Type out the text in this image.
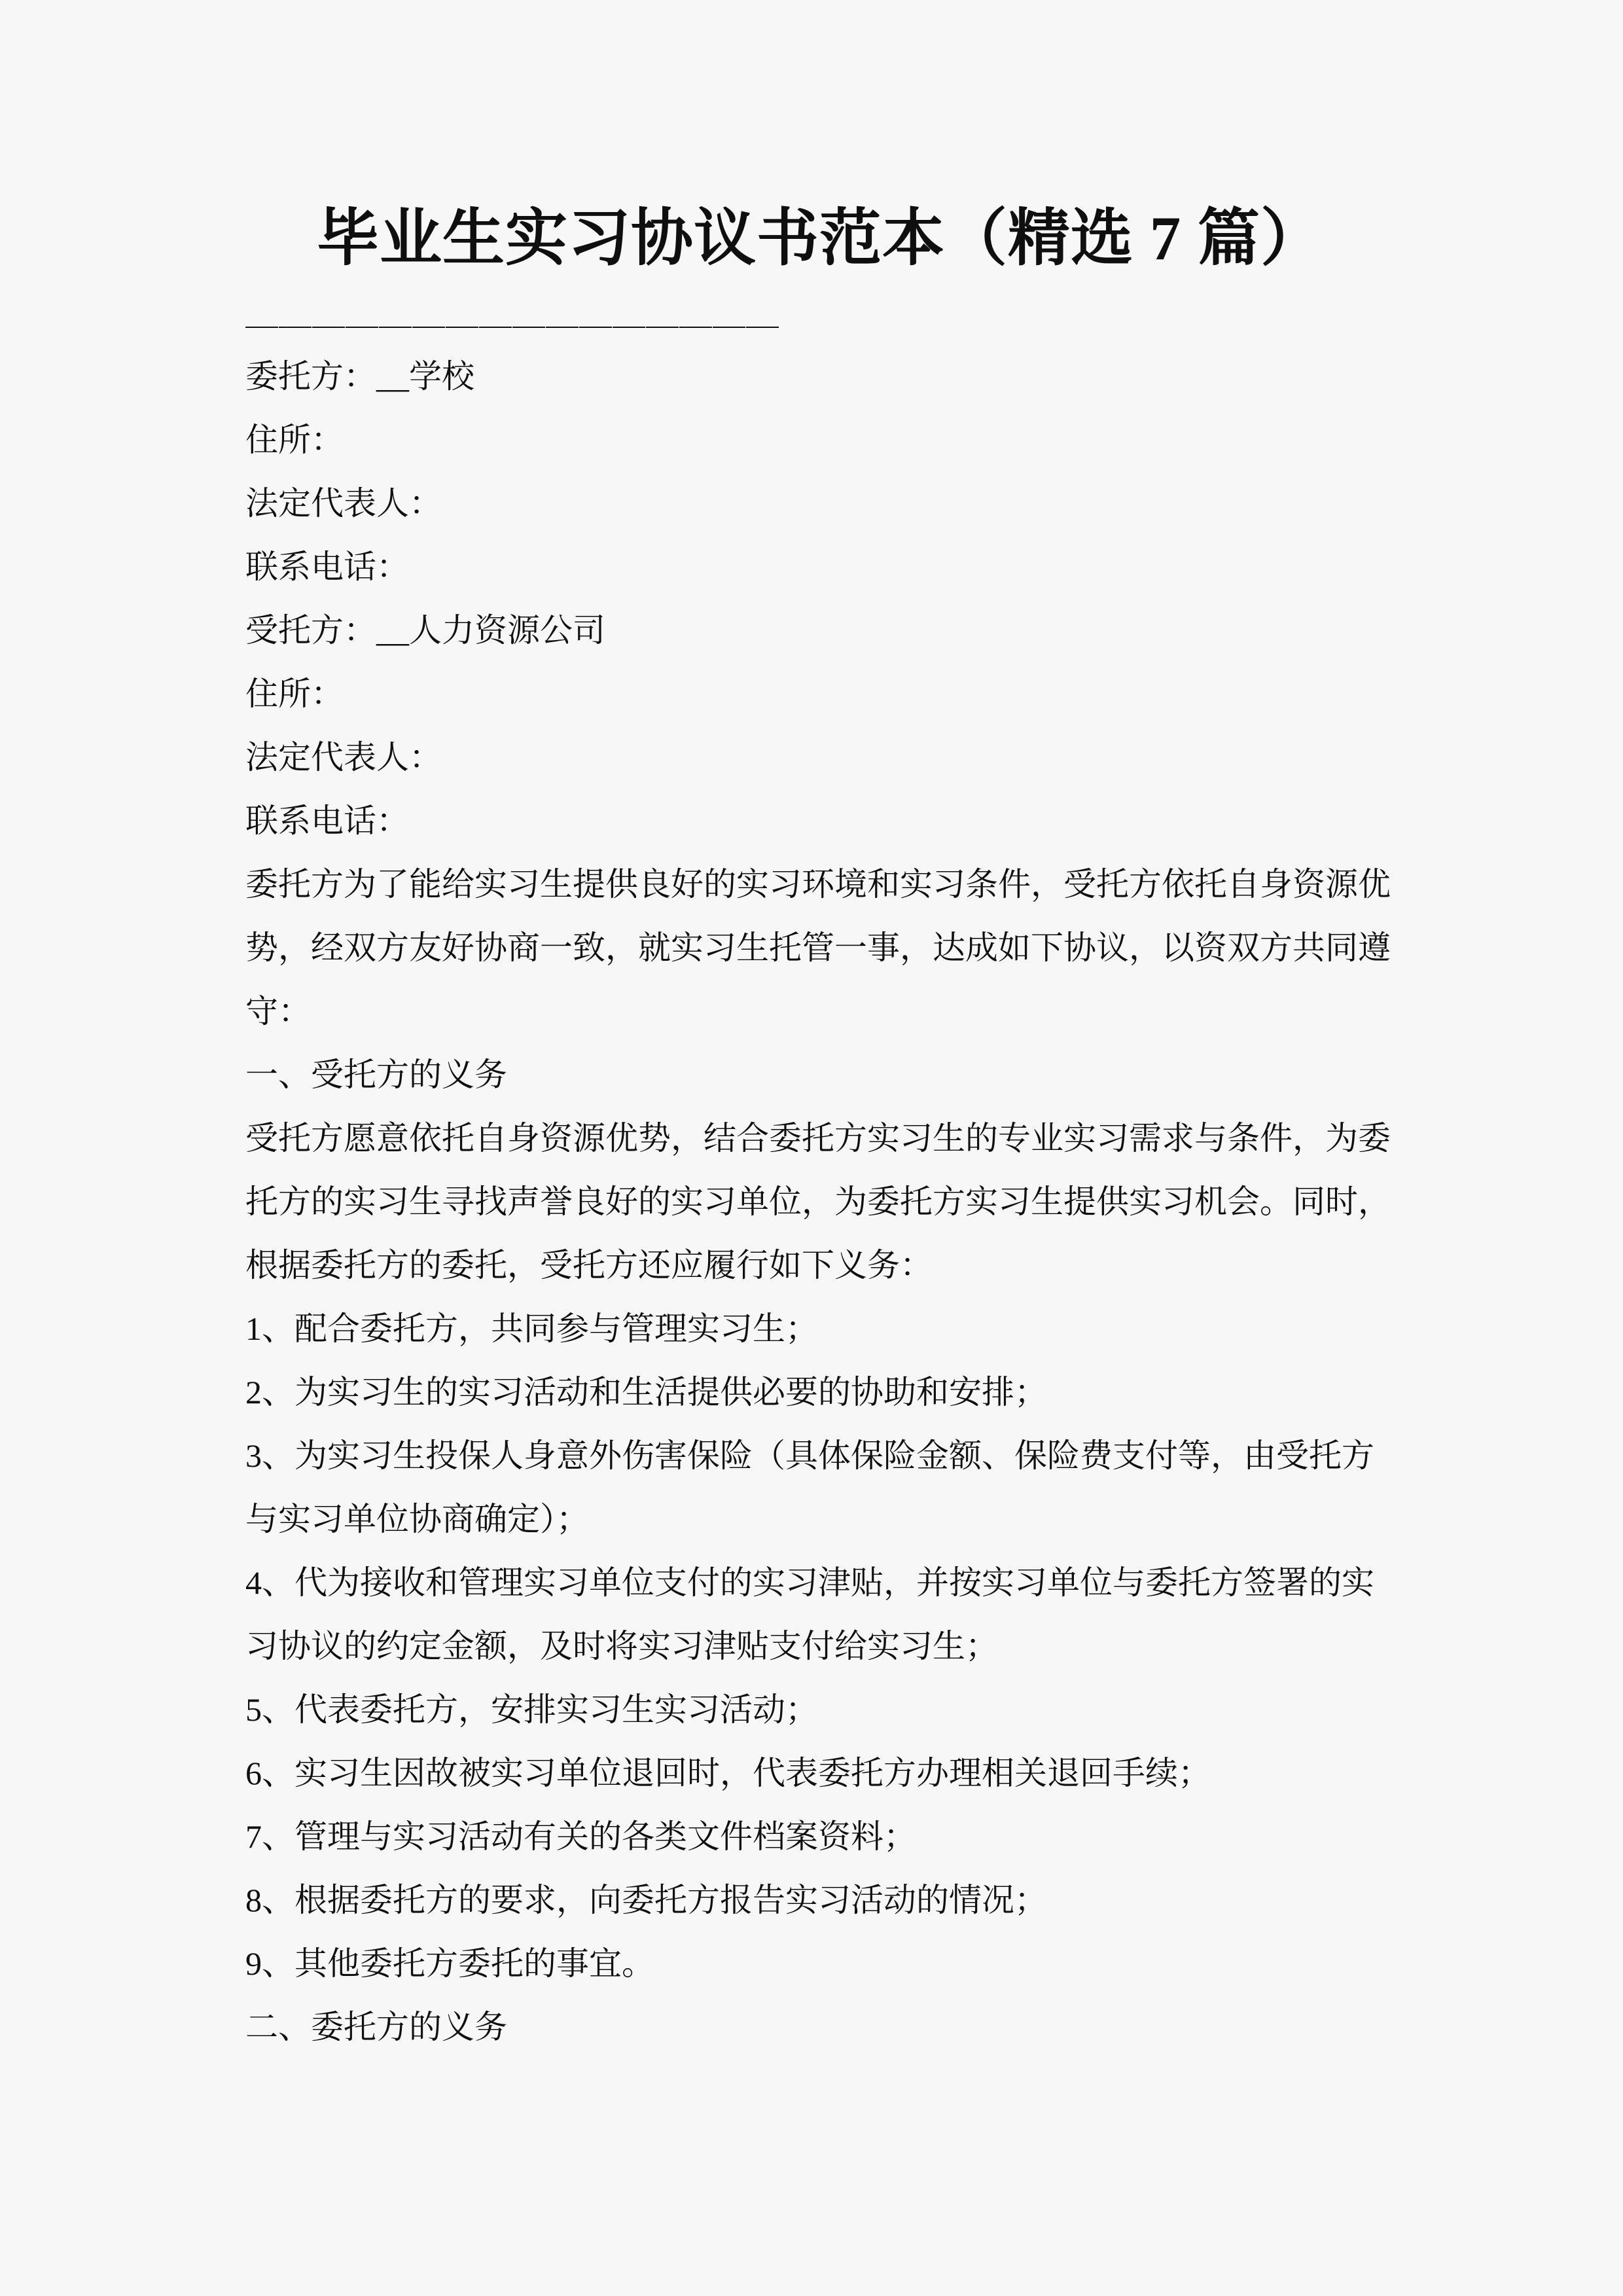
毕业生实习协议书范本（精选 7 篇）
＿＿＿＿＿＿＿＿＿＿＿＿＿＿＿＿
委托方：__学校
住所：
法定代表人：
联系电话：
受托方：__人力资源公司
住所：
法定代表人：
联系电话：
委托方为了能给实习生提供良好的实习环境和实习条件，受托方依托自身资源优
势，经双方友好协商一致，就实习生托管一事，达成如下协议，以资双方共同遵
守：
一、受托方的义务
受托方愿意依托自身资源优势，结合委托方实习生的专业实习需求与条件，为委
托方的实习生寻找声誉良好的实习单位，为委托方实习生提供实习机会。同时，
根据委托方的委托，受托方还应履行如下义务：
1、配合委托方，共同参与管理实习生；
2、为实习生的实习活动和生活提供必要的协助和安排；
3、为实习生投保人身意外伤害保险（具体保险金额、保险费支付等，由受托方
与实习单位协商确定）；
4、代为接收和管理实习单位支付的实习津贴，并按实习单位与委托方签署的实
习协议的约定金额，及时将实习津贴支付给实习生；
5、代表委托方，安排实习生实习活动；
6、实习生因故被实习单位退回时，代表委托方办理相关退回手续；
7、管理与实习活动有关的各类文件档案资料；
8、根据委托方的要求，向委托方报告实习活动的情况；
9、其他委托方委托的事宜。
二、委托方的义务
